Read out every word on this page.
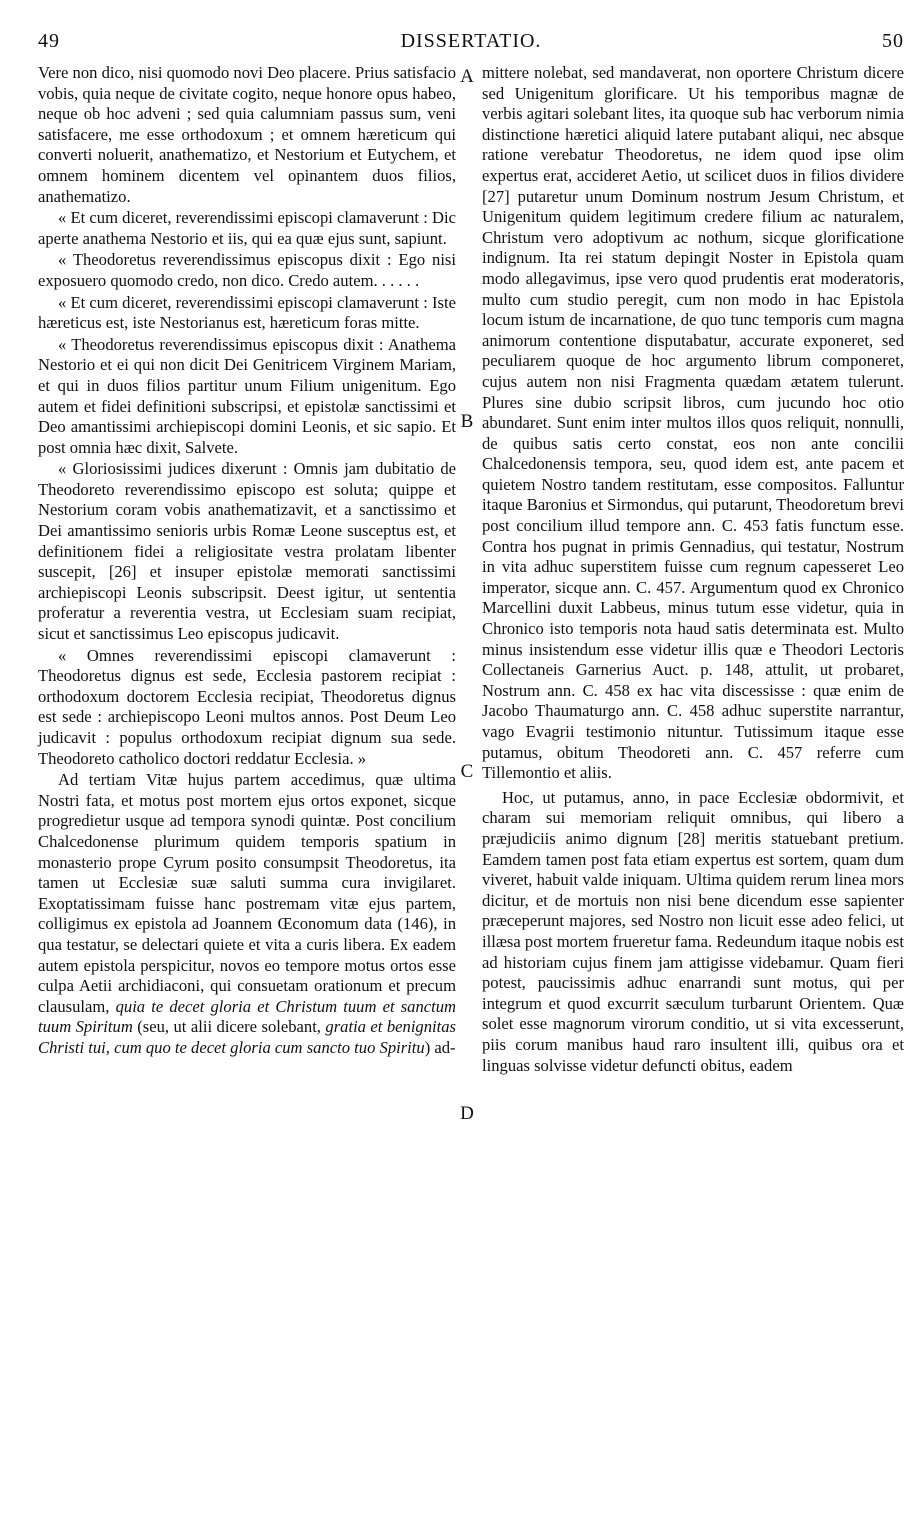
49	DISSERTATIO.	50
A
B
C
D

Vere non dico, nisi quomodo novi Deo placere. Prius satisfacio vobis, quia neque de civitate cogito, neque honore opus habeo, neque ob hoc adveni ; sed quia calumniam passus sum, veni satisfacere, me esse orthodoxum ; et omnem hæreticum qui converti noluerit, anathematizo, et Nestorium et Eutychem, et omnem hominem dicentem vel opinantem duos filios, anathematizo.

« Et cum diceret, reverendissimi episcopi clamaverunt : Dic aperte anathema Nestorio et iis, qui ea quæ ejus sunt, sapiunt.

« Theodoretus reverendissimus episcopus dixit : Ego nisi exposuero quomodo credo, non dico. Credo autem. . . . . .

« Et cum diceret, reverendissimi episcopi clamaverunt : Iste hæreticus est, iste Nestorianus est, hæreticum foras mitte.

« Theodoretus reverendissimus episcopus dixit : Anathema Nestorio et ei qui non dicit Dei Genitricem Virginem Mariam, et qui in duos filios partitur unum Filium unigenitum. Ego autem et fidei definitioni subscripsi, et epistolæ sanctissimi et Deo amantissimi archiepiscopi domini Leonis, et sic sapio. Et post omnia hæc dixit, Salvete.

« Gloriosissimi judices dixerunt : Omnis jam dubitatio de Theodoreto reverendissimo episcopo est soluta; quippe et Nestorium coram vobis anathematizavit, et a sanctissimo et Dei amantissimo senioris urbis Romæ Leone susceptus est, et definitionem fidei a religiositate vestra prolatam libenter suscepit, [26] et insuper epistolæ memorati sanctissimi archiepiscopi Leonis subscripsit. Deest igitur, ut sententia proferatur a reverentia vestra, ut Ecclesiam suam recipiat, sicut et sanctissimus Leo episcopus judicavit.

« Omnes reverendissimi episcopi clamaverunt : Theodoretus dignus est sede, Ecclesia pastorem recipiat : orthodoxum doctorem Ecclesia recipiat, Theodoretus dignus est sede : archiepiscopo Leoni multos annos. Post Deum Leo judicavit : populus orthodoxum recipiat dignum sua sede. Theodoreto catholico doctori reddatur Ecclesia. »

Ad tertiam Vitæ hujus partem accedimus, quæ ultima Nostri fata, et motus post mortem ejus ortos exponet, sicque progredietur usque ad tempora synodi quintæ. Post concilium Chalcedonense plurimum quidem temporis spatium in monasterio prope Cyrum posito consumpsit Theodoretus, ita tamen ut Ecclesiæ suæ saluti summa cura invigilaret. Exoptatissimam fuisse hanc postremam vitæ ejus partem, colligimus ex epistola ad Joannem Œconomum data (146), in qua testatur, se delectari quiete et vita a curis libera. Ex eadem autem epistola perspicitur, novos eo tempore motus ortos esse culpa Aetii archidiaconi, qui consuetam orationum et precum clausulam, quia te decet gloria et Christum tuum et sanctum tuum Spiritum (seu, ut alii dicere solebant, gratia et benignitas Christi tui, cum quo te decet gloria cum sancto tuo Spiritu) ad-

mittere nolebat, sed mandaverat, non oportere Christum dicere sed Unigenitum glorificare. Ut his temporibus magnæ de verbis agitari solebant lites, ita quoque sub hac verborum nimia distinctione hæretici aliquid latere putabant aliqui, nec absque ratione verebatur Theodoretus, ne idem quod ipse olim expertus erat, accideret Aetio, ut scilicet duos in filios dividere [27] putaretur unum Dominum nostrum Jesum Christum, et Unigenitum quidem legitimum credere filium ac naturalem, Christum vero adoptivum ac nothum, sicque glorificatione indignum. Ita rei statum depingit Noster in Epistola quam modo allegavimus, ipse vero quod prudentis erat moderatoris, multo cum studio peregit, cum non modo in hac Epistola locum istum de incarnatione, de quo tunc temporis cum magna animorum contentione disputabatur, accurate exponeret, sed peculiarem quoque de hoc argumento librum componeret, cujus autem non nisi Fragmenta quædam ætatem tulerunt. Plures sine dubio scripsit libros, cum jucundo hoc otio abundaret. Sunt enim inter multos illos quos reliquit, nonnulli, de quibus satis certo constat, eos non ante concilii Chalcedonensis tempora, seu, quod idem est, ante pacem et quietem Nostro tandem restitutam, esse compositos. Falluntur itaque Baronius et Sirmondus, qui putarunt, Theodoretum brevi post concilium illud tempore ann. C. 453 fatis functum esse. Contra hos pugnat in primis Gennadius, qui testatur, Nostrum in vita adhuc superstitem fuisse cum regnum capesseret Leo imperator, sicque ann. C. 457. Argumentum quod ex Chronico Marcellini duxit Labbeus, minus tutum esse videtur, quia in Chronico isto temporis nota haud satis determinata est. Multo minus insistendum esse videtur illis quæ e Theodori Lectoris Collectaneis Garnerius Auct. p. 148, attulit, ut probaret, Nostrum ann. C. 458 ex hac vita discessisse : quæ enim de Jacobo Thaumaturgo ann. C. 458 adhuc superstite narrantur, vago Evagrii testimonio nituntur. Tutissimum itaque esse putamus, obitum Theodoreti ann. C. 457 referre cum Tillemontio et aliis.

Hoc, ut putamus, anno, in pace Ecclesiæ obdormivit, et charam sui memoriam reliquit omnibus, qui libero a præjudiciis animo dignum [28] meritis statuebant pretium. Eamdem tamen post fata etiam expertus est sortem, quam dum viveret, habuit valde iniquam. Ultima quidem rerum linea mors dicitur, et de mortuis non nisi bene dicendum esse sapienter præceperunt majores, sed Nostro non licuit esse adeo felici, ut illæsa post mortem frueretur fama. Redeundum itaque nobis est ad historiam cujus finem jam attigisse videbamur. Quam fieri potest, paucissimis adhuc enarrandi sunt motus, qui per integrum et quod excurrit sæculum turbarunt Orientem. Quæ solet esse magnorum virorum conditio, ut si vita excesserunt, piis corum manibus haud raro insultent illi, quibus ora et linguas solvisse videtur defuncti obitus, eadem
